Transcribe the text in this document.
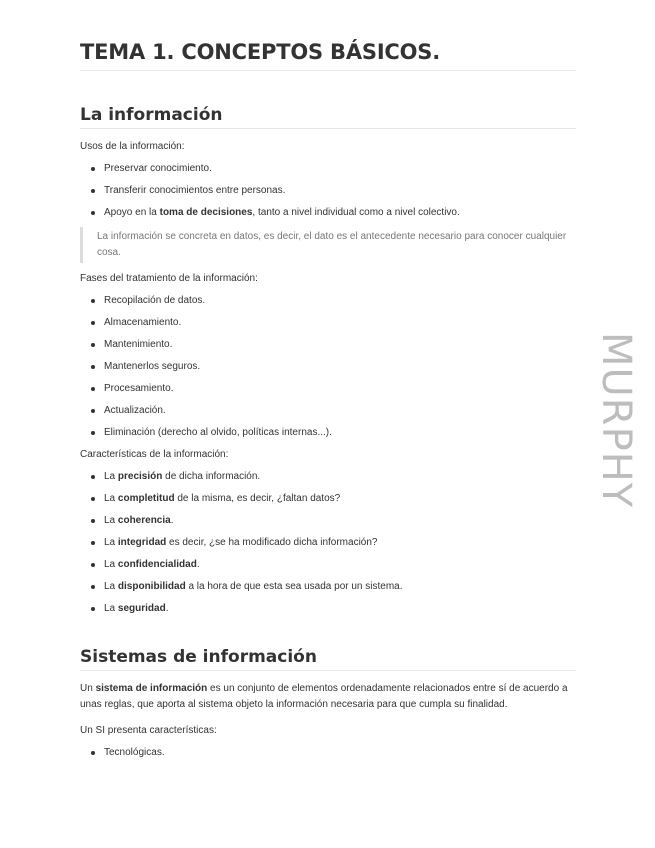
TEMA 1. CONCEPTOS BÁSICOS.
La información

Usos de la información:

Preservar conocimiento.
Transferir conocimientos entre personas.
Apoyo en la toma de decisiones, tanto a nivel individual como a nivel colectivo.

La información se concreta en datos, es decir, el dato es el antecedente necesario para conocer cualquier cosa.

Fases del tratamiento de la información:

Recopilación de datos.
Almacenamiento.
Mantenimiento.
Mantenerlos seguros.
Procesamiento.
Actualización.
Eliminación (derecho al olvido, políticas internas...).

Características de la información:

La precisión de dicha información.
La completitud de la misma, es decir, ¿faltan datos?
La coherencia.
La integridad es decir, ¿se ha modificado dicha información?
La confidencialidad.
La disponibilidad a la hora de que esta sea usada por un sistema.
La seguridad.
Sistemas de información

Un sistema de información es un conjunto de elementos ordenadamente relacionados entre sí de acuerdo a unas reglas, que aporta al sistema objeto la información necesaria para que cumpla su finalidad.

Un SI presenta características:

Tecnológicas.
MURPHY
